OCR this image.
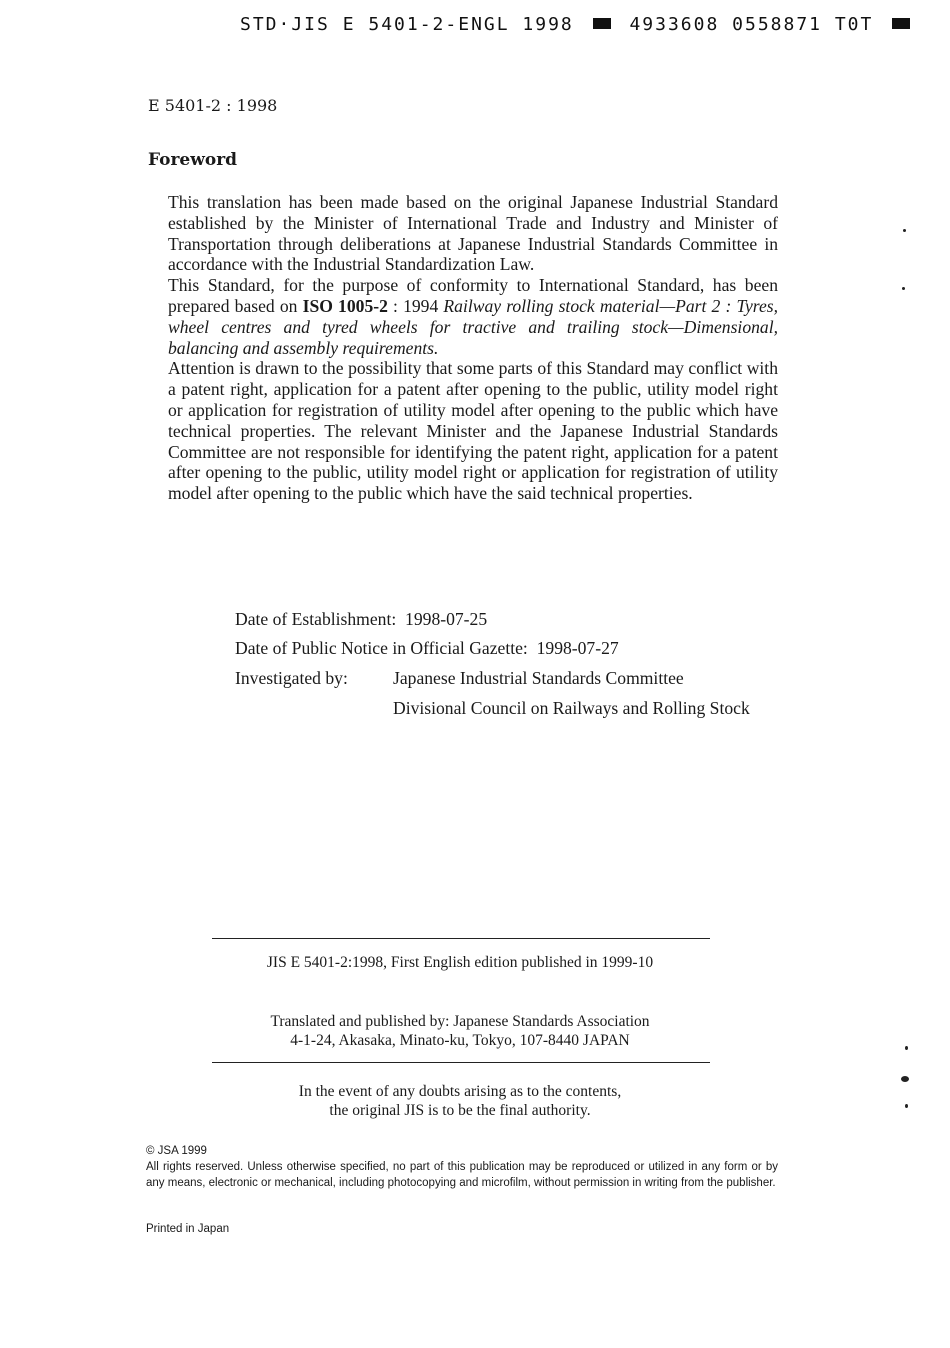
STD·JIS E 5401-2-ENGL 1998	4933608 0558871 T0T
E 5401-2 : 1998
Foreword

This translation has been made based on the original Japanese Industrial Standard established by the Minister of International Trade and Industry and Minister of Transportation through deliberations at Japanese Industrial Standards Committee in accordance with the Industrial Standardization Law.

This Standard, for the purpose of conformity to International Standard, has been prepared based on ISO 1005-2 : 1994 Railway rolling stock material—Part 2 : Tyres, wheel centres and tyred wheels for tractive and trailing stock—Dimensional, balancing and assembly requirements.

Attention is drawn to the possibility that some parts of this Standard may conflict with a patent right, application for a patent after opening to the public, utility model right or application for registration of utility model after opening to the public which have technical properties. The relevant Minister and the Japanese Industrial Standards Committee are not responsible for identifying the patent right, application for a patent after opening to the public, utility model right or application for registration of utility model after opening to the public which have the said technical properties.

Date of Establishment: 1998-07-25
Date of Public Notice in Official Gazette: 1998-07-27
Investigated by:	Japanese Industrial Standards Committee
Divisional Council on Railways and Rolling Stock
JIS E 5401-2:1998, First English edition published in 1999-10
Translated and published by: Japanese Standards Association
4-1-24, Akasaka, Minato-ku, Tokyo, 107-8440 JAPAN
In the event of any doubts arising as to the contents,
the original JIS is to be the final authority.
© JSA 1999
All rights reserved. Unless otherwise specified, no part of this publication may be reproduced or utilized in any form or by any means, electronic or mechanical, including photocopying and microfilm, without permission in writing from the publisher.
Printed in Japan
